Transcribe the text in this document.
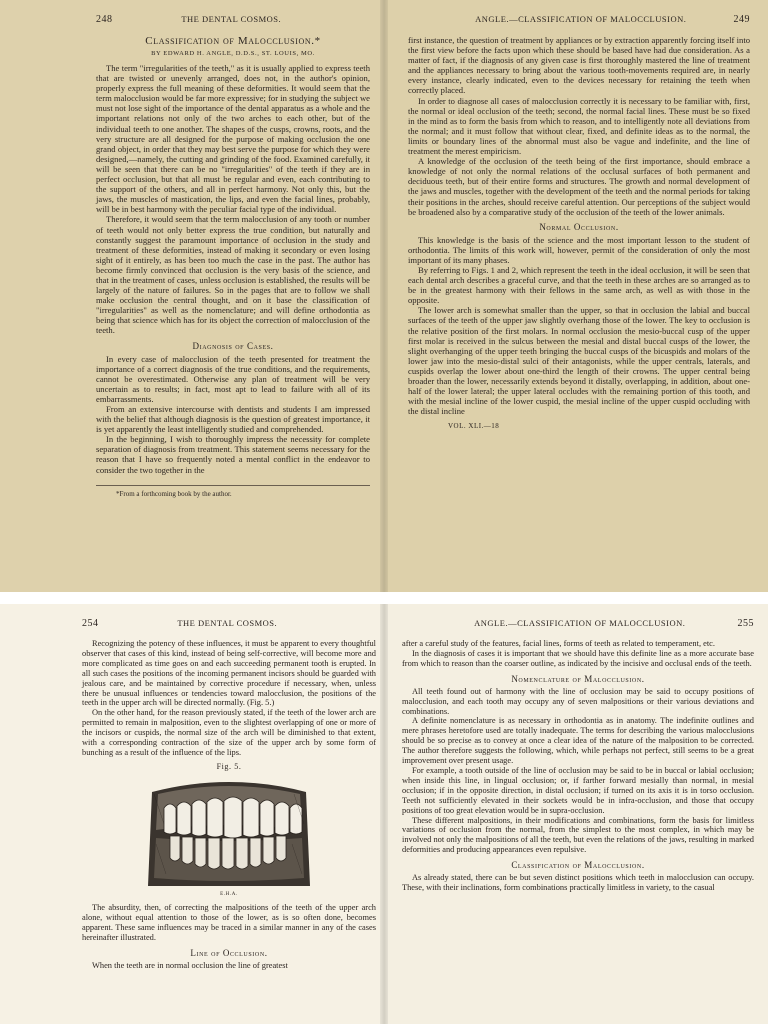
248	THE DENTAL COSMOS.
Classification of Malocclusion.*
BY EDWARD H. ANGLE, D.D.S., ST. LOUIS, MO.

The term "irregularities of the teeth," as it is usually applied to express teeth that are twisted or unevenly arranged, does not, in the author's opinion, properly express the full meaning of these deformities. It would seem that the term malocclusion would be far more expressive; for in studying the subject we must not lose sight of the importance of the dental apparatus as a whole and the important relations not only of the two arches to each other, but of the individual teeth to one another. The shapes of the cusps, crowns, roots, and the very structure are all designed for the purpose of making occlusion the one grand object, in order that they may best serve the purpose for which they were designed,—namely, the cutting and grinding of the food. Examined carefully, it will be seen that there can be no "irregularities" of the teeth if they are in perfect occlusion, but that all must be regular and even, each contributing to the support of the others, and all in perfect harmony. Not only this, but the jaws, the muscles of mastication, the lips, and even the facial lines, probably, will be in best harmony with the peculiar facial type of the individual.

Therefore, it would seem that the term malocclusion of any tooth or number of teeth would not only better express the true condition, but naturally and constantly suggest the paramount importance of occlusion in the study and treatment of these deformities, instead of making it secondary or even losing sight of it entirely, as has been too much the case in the past. The author has become firmly convinced that occlusion is the very basis of the science, and that in the treatment of cases, unless occlusion is established, the results will be largely of the nature of failures. So in the pages that are to follow we shall make occlusion the central thought, and on it base the classification of "irregularities" as well as the nomenclature; and will define orthodontia as being that science which has for its object the correction of malocclusion of the teeth.

Diagnosis of Cases.

In every case of malocclusion of the teeth presented for treatment the importance of a correct diagnosis of the true conditions, and the requirements, cannot be overestimated. Otherwise any plan of treatment will be very uncertain as to results; in fact, most apt to lead to failure with all of its embarrassments.

From an extensive intercourse with dentists and students I am impressed with the belief that although diagnosis is the question of greatest importance, it is yet apparently the least intelligently studied and comprehended.

In the beginning, I wish to thoroughly impress the necessity for complete separation of diagnosis from treatment. This statement seems necessary for the reason that I have so frequently noted a mental conflict in the endeavor to consider the two together in the

*From a forthcoming book by the author.

ANGLE.—CLASSIFICATION OF MALOCCLUSION.	249

first instance, the question of treatment by appliances or by extraction apparently forcing itself into the first view before the facts upon which these should be based have had due consideration. As a matter of fact, if the diagnosis of any given case is first thoroughly mastered the line of treatment and the appliances necessary to bring about the various tooth-movements required are, in nearly every instance, clearly indicated, even to the devices necessary for retaining the teeth when correctly placed.

In order to diagnose all cases of malocclusion correctly it is necessary to be familiar with, first, the normal or ideal occlusion of the teeth; second, the normal facial lines. These must be so fixed in the mind as to form the basis from which to reason, and to intelligently note all deviations from the normal; and it must follow that without clear, fixed, and definite ideas as to the normal, the limits or boundary lines of the abnormal must also be vague and indefinite, and the line of treatment the merest empiricism.

A knowledge of the occlusion of the teeth being of the first importance, should embrace a knowledge of not only the normal relations of the occlusal surfaces of both permanent and deciduous teeth, but of their entire forms and structures. The growth and normal development of the jaws and muscles, together with the development of the teeth and the normal periods for taking their positions in the arches, should receive careful attention. Our perceptions of the subject would be broadened also by a comparative study of the occlusion of the teeth of the lower animals.

Normal Occlusion.

This knowledge is the basis of the science and the most important lesson to the student of orthodontia. The limits of this work will, however, permit of the consideration of only the most important of its many phases.

By referring to Figs. 1 and 2, which represent the teeth in the ideal occlusion, it will be seen that each dental arch describes a graceful curve, and that the teeth in these arches are so arranged as to be in the greatest harmony with their fellows in the same arch, as well as with those in the opposite.

The lower arch is somewhat smaller than the upper, so that in occlusion the labial and buccal surfaces of the teeth of the upper jaw slightly overhang those of the lower. The key to occlusion is the relative position of the first molars. In normal occlusion the mesio-buccal cusp of the upper first molar is received in the sulcus between the mesial and distal buccal cusps of the lower, the slight overhanging of the upper teeth bringing the buccal cusps of the bicuspids and molars of the lower jaw into the mesio-distal sulci of their antagonists, while the upper centrals, laterals, and cuspids overlap the lower about one-third the length of their crowns. The upper central being broader than the lower, necessarily extends beyond it distally, overlapping, in addition, about one-half of the lower lateral; the upper lateral occludes with the remaining portion of this tooth, and with the mesial incline of the lower cuspid, the mesial incline of the upper cuspid occluding with the distal incline

VOL. XLI.—18
254	THE DENTAL COSMOS.

Recognizing the potency of these influences, it must be apparent to every thoughtful observer that cases of this kind, instead of being self-corrective, will become more and more complicated as time goes on and each succeeding permanent tooth is erupted. In all such cases the positions of the incoming permanent incisors should be guarded with jealous care, and be maintained by corrective procedure if necessary, when, unless there be unusual influences or tendencies toward malocclusion, the positions of the teeth in the upper arch will be directed normally. (Fig. 5.)

On the other hand, for the reason previously stated, if the teeth of the lower arch are permitted to remain in malposition, even to the slightest overlapping of one or more of the incisors or cuspids, the normal size of the arch will be diminished to that extent, with a corresponding contraction of the size of the upper arch by some form of bunching as a result of the influence of the lips.

Fig. 5.
E.H.A.

The absurdity, then, of correcting the malpositions of the teeth of the upper arch alone, without equal attention to those of the lower, as is so often done, becomes apparent. These same influences may be traced in a similar manner in any of the cases hereinafter illustrated.

Line of Occlusion.

When the teeth are in normal occlusion the line of greatest

ANGLE.—CLASSIFICATION OF MALOCCLUSION.	255

after a careful study of the features, facial lines, forms of teeth as related to temperament, etc.

In the diagnosis of cases it is important that we should have this definite line as a more accurate base from which to reason than the coarser outline, as indicated by the incisive and occlusal ends of the teeth.

Nomenclature of Malocclusion.

All teeth found out of harmony with the line of occlusion may be said to occupy positions of malocclusion, and each tooth may occupy any of seven malpositions or their various deviations and combinations.

A definite nomenclature is as necessary in orthodontia as in anatomy. The indefinite outlines and mere phrases heretofore used are totally inadequate. The terms for describing the various malocclusions should be so precise as to convey at once a clear idea of the nature of the malposition to be corrected. The author therefore suggests the following, which, while perhaps not perfect, still seems to be a great improvement over present usage.

For example, a tooth outside of the line of occlusion may be said to be in buccal or labial occlusion; when inside this line, in lingual occlusion; or, if farther forward mesially than normal, in mesial occlusion; if in the opposite direction, in distal occlusion; if turned on its axis it is in torso occlusion. Teeth not sufficiently elevated in their sockets would be in infra-occlusion, and those that occupy positions of too great elevation would be in supra-occlusion.

These different malpositions, in their modifications and combinations, form the basis for limitless variations of occlusion from the normal, from the simplest to the most complex, in which may be involved not only the malpositions of all the teeth, but even the relations of the jaws, resulting in marked deformities and producing appearances even repulsive.

Classification of Malocclusion.

As already stated, there can be but seven distinct positions which teeth in malocclusion can occupy. These, with their inclinations, form combinations practically limitless in variety, to the casual
